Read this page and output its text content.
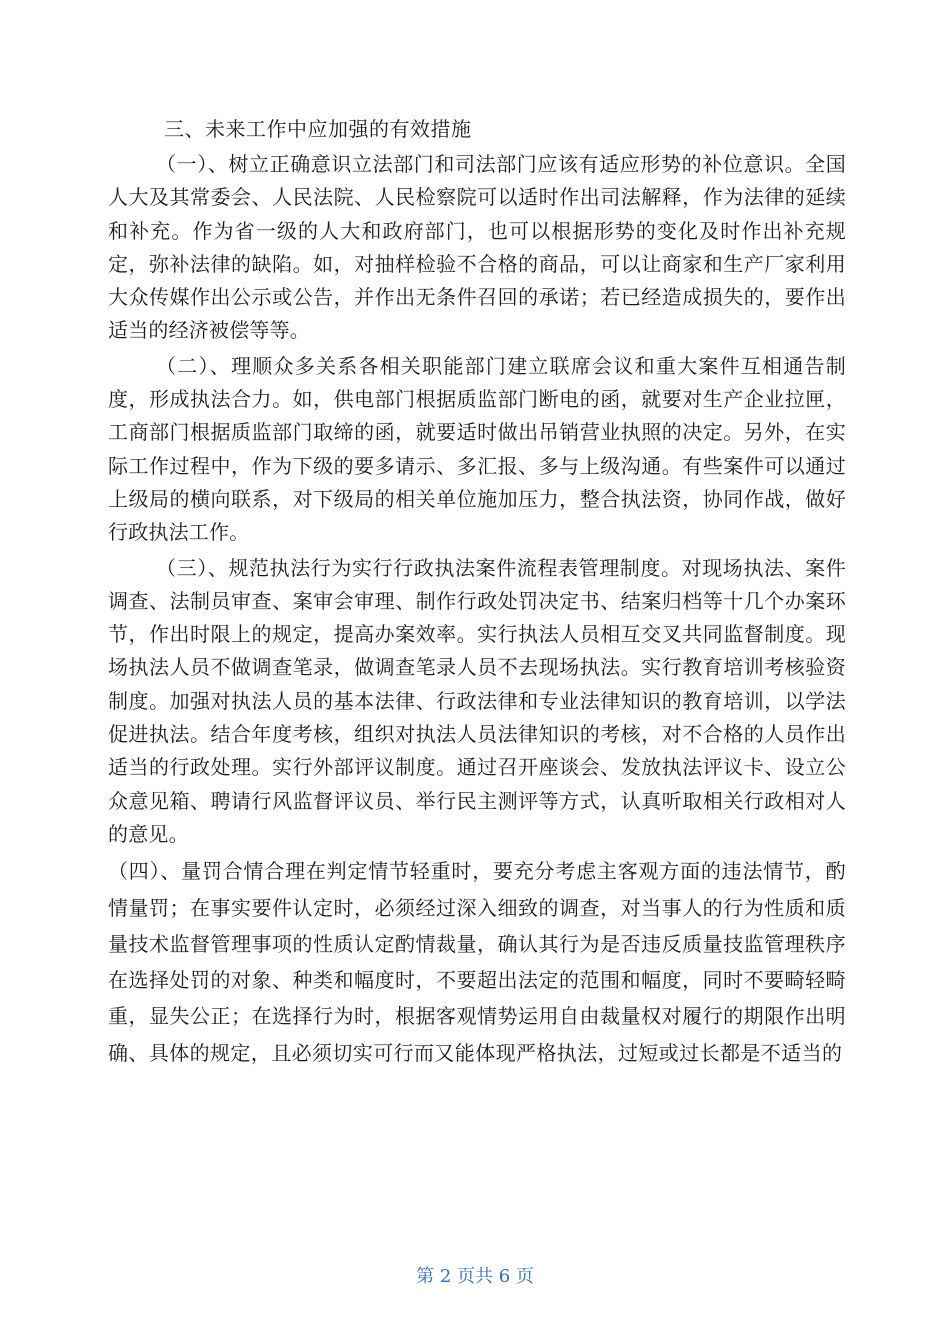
三、未来工作中应加强的有效措施

（一）、树立正确意识立法部门和司法部门应该有适应形势的补位意识。全国人大及其常委会、人民法院、人民检察院可以适时作出司法解释，作为法律的延续和补充。作为省一级的人大和政府部门，也可以根据形势的变化及时作出补充规定，弥补法律的缺陷。如，对抽样检验不合格的商品，可以让商家和生产厂家利用大众传媒作出公示或公告，并作出无条件召回的承诺；若已经造成损失的，要作出适当的经济被偿等等。

（二）、理顺众多关系各相关职能部门建立联席会议和重大案件互相通告制度，形成执法合力。如，供电部门根据质监部门断电的函，就要对生产企业拉匣，工商部门根据质监部门取缔的函，就要适时做出吊销营业执照的决定。另外，在实际工作过程中，作为下级的要多请示、多汇报、多与上级沟通。有些案件可以通过上级局的横向联系，对下级局的相关单位施加压力，整合执法资，协同作战，做好行政执法工作。

（三）、规范执法行为实行行政执法案件流程表管理制度。对现场执法、案件调查、法制员审查、案审会审理、制作行政处罚决定书、结案归档等十几个办案环节，作出时限上的规定，提高办案效率。实行执法人员相互交叉共同监督制度。现场执法人员不做调查笔录，做调查笔录人员不去现场执法。实行教育培训考核验资制度。加强对执法人员的基本法律、行政法律和专业法律知识的教育培训，以学法促进执法。结合年度考核，组织对执法人员法律知识的考核，对不合格的人员作出适当的行政处理。实行外部评议制度。通过召开座谈会、发放执法评议卡、设立公众意见箱、聘请行风监督评议员、举行民主测评等方式，认真听取相关行政相对人的意见。

（四）、量罚合情合理在判定情节轻重时，要充分考虑主客观方面的违法情节，酌情量罚；在事实要件认定时，必须经过深入细致的调查，对当事人的行为性质和质量技术监督管理事项的性质认定酌情裁量，确认其行为是否违反质量技监管理秩序在选择处罚的对象、种类和幅度时，不要超出法定的范围和幅度，同时不要畸轻畸重，显失公正；在选择行为时，根据客观情势运用自由裁量权对履行的期限作出明确、具体的规定，且必须切实可行而又能体现严格执法，过短或过长都是不适当的

第 2 页共 6 页
